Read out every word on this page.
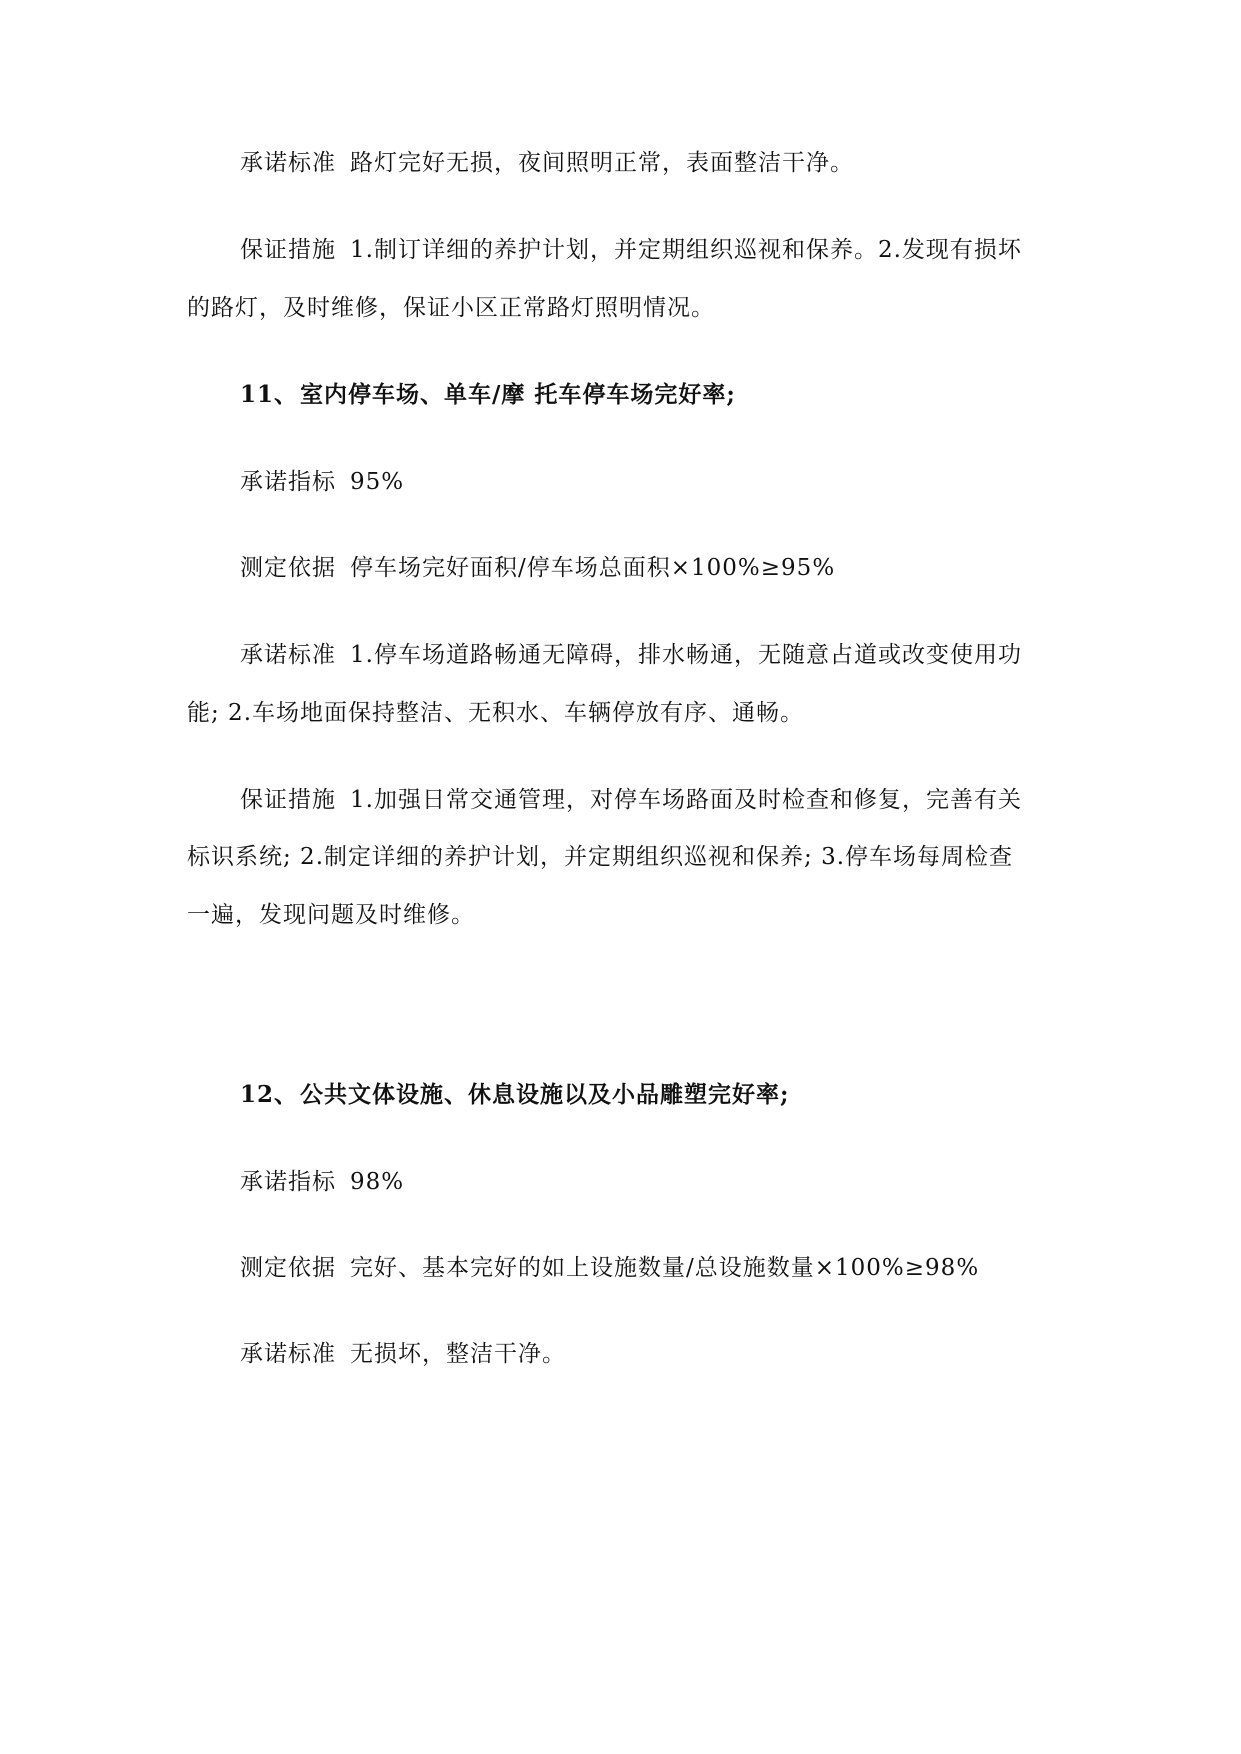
承诺标准 路灯完好无损，夜间照明正常，表面整洁干净。
保证措施 1.制订详细的养护计划，并定期组织巡视和保养。2.发现有损坏
的路灯，及时维修，保证小区正常路灯照明情况。
11、室内停车场、单车/摩 托车停车场完好率;
承诺指标 95%
测定依据 停车场完好面积/停车场总面积×100%≥95%
承诺标准 1.停车场道路畅通无障碍，排水畅通，无随意占道或改变使用功
能; 2.车场地面保持整洁、无积水、车辆停放有序、通畅。
保证措施 1.加强日常交通管理，对停车场路面及时检查和修复，完善有关
标识系统; 2.制定详细的养护计划，并定期组织巡视和保养; 3.停车场每周检查
一遍，发现问题及时维修。
12、公共文体设施、休息设施以及小品雕塑完好率;
承诺指标 98%
测定依据 完好、基本完好的如上设施数量/总设施数量×100%≥98%
承诺标准 无损坏，整洁干净。
